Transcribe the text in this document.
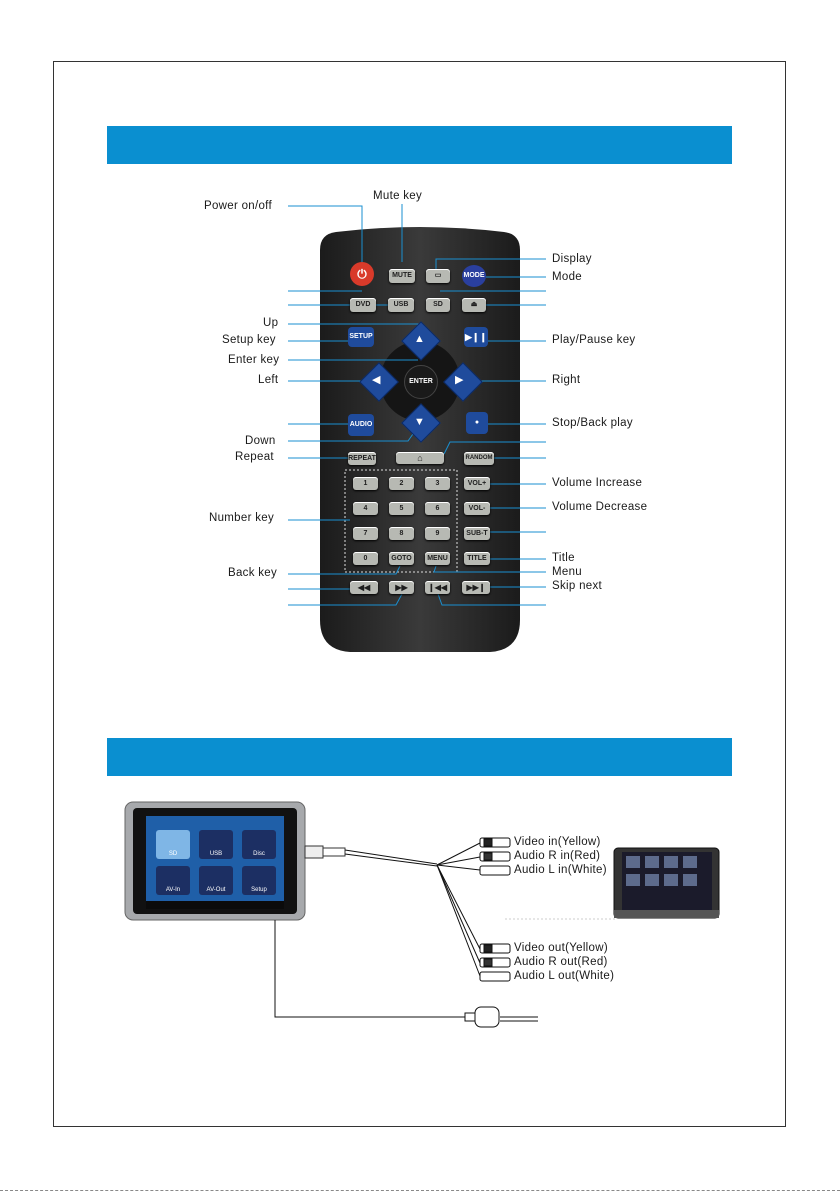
⏻	MUTE	▭	MODE
DVD	USB	SD	⏏
SETUP	▶❙❙
▲
▼
◀	▶
ENTER
AUDIO	●
⌂
REPEAT	RANDOM
1	2	3
4	5	6
7	8	9
0
VOL+
VOL-
SUB-T
TITLE
GOTO	MENU
◀◀	▶▶	❙◀◀	▶▶❙
Power on/off
Mute key
Up
Setup key
Enter key
Left
Down
Repeat
Number key
Back key
Display
Mode
Play/Pause key
Right
Stop/Back play
Volume Increase
Volume Decrease
Title
Menu
Skip next
SD	USB	Disc
AV-In	AV-Out	Setup
Video in(Yellow)
Audio R in(Red)
Audio L in(White)
Video out(Yellow)
Audio R out(Red)
Audio L out(White)
